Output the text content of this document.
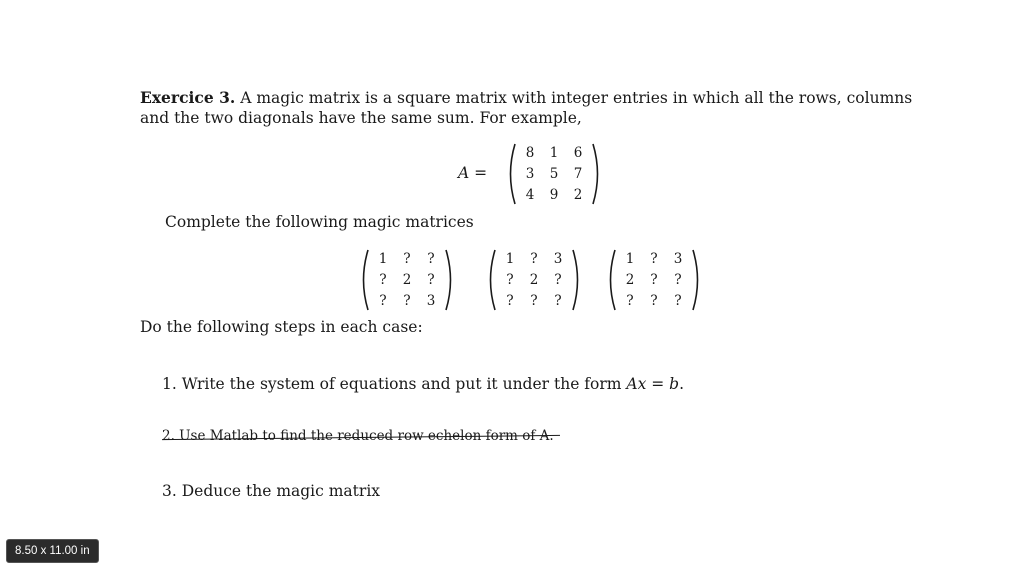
Exercice 3. A magic matrix is a square matrix with integer entries in which all the rows, columns and the two diagonals have the same sum. For example,
A =
8	1	6
3	5	7
4	9	2
Complete the following magic matrices
1	?	?
?	2	?
?	?	3
1	?	3
?	2	?
?	?	?
1	?	3
2	?	?
?	?	?
Do the following steps in each case:
1. Write the system of equations and put it under the form Ax = b.
2. Use Matlab to find the reduced row echelon form of A.
3. Deduce the magic matrix
8.50 x 11.00 in
